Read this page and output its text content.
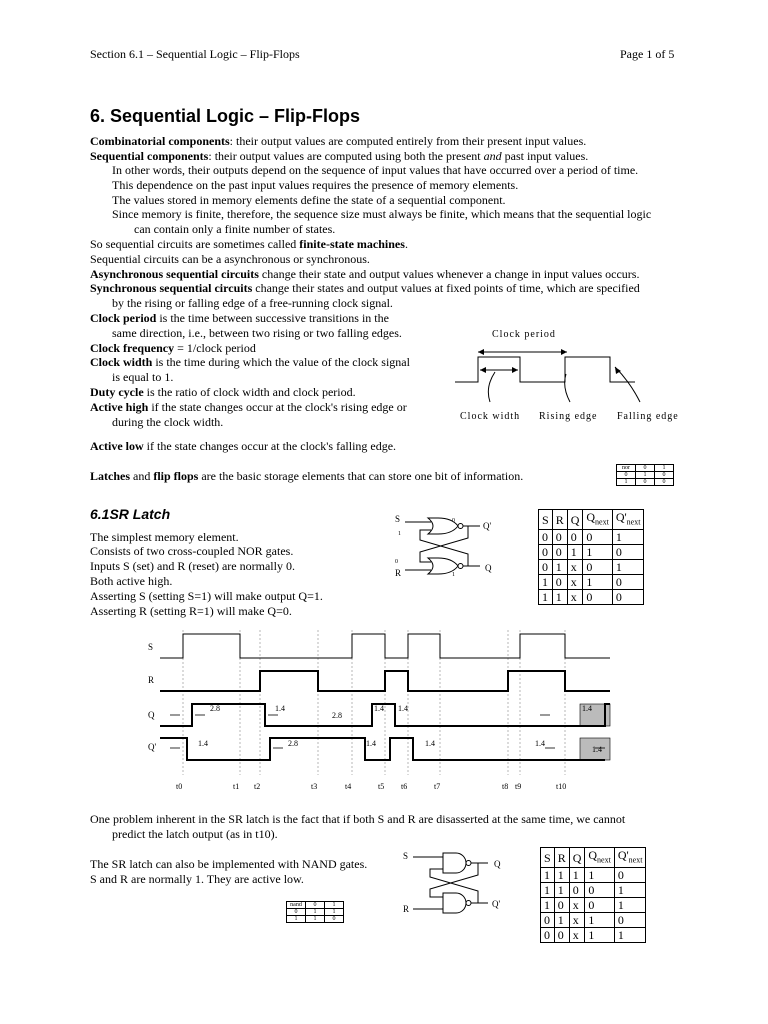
Section 6.1 – Sequential Logic – Flip-Flops	Page 1 of 5
6. Sequential Logic – Flip-Flops
Combinatorial components: their output values are computed entirely from their present input values.
Sequential components: their output values are computed using both the present and past input values.
In other words, their outputs depend on the sequence of input values that have occurred over a period of time.
This dependence on the past input values requires the presence of memory elements.
The values stored in memory elements define the state of a sequential component.
Since memory is finite, therefore, the sequence size must always be finite, which means that the sequential logic
can contain only a finite number of states.
So sequential circuits are sometimes called finite-state machines.
Sequential circuits can be a asynchronous or synchronous.
Asynchronous sequential circuits change their state and output values whenever a change in input values occurs.
Synchronous sequential circuits change their states and output values at fixed points of time, which are specified
by the rising or falling edge of a free-running clock signal.
Clock period is the time between successive transitions in the
same direction, i.e., between two rising or two falling edges.
Clock frequency = 1/clock period
Clock width is the time during which the value of the clock signal
is equal to 1.
Duty cycle is the ratio of clock width and clock period.
Active high if the state changes occur at the clock's rising edge or
during the clock width.
Active low if the state changes occur at the clock's falling edge.
Latches and flip flops are the basic storage elements that can store one bit of information.
Clock period
Clock width Rising edge Falling edge
nor	0	1
0	1	0
1	0	0
6.1SR Latch
The simplest memory element.
Consists of two cross-coupled NOR gates.
Inputs S (set) and R (reset) are normally 0.
Both active high.
Asserting S (setting S=1) will make output Q=1.
Asserting R (setting R=1) will make Q=0.
S
1
0
0
R	1
Q'
Q
S	R	Q	$Q_{next}$	$Q'_{next}$
0	0	0	0	1
0	0	1	1	0
0	1	x	0	1
1	0	x	1	0
1	1	x	0	0
S
R
Q
Q'
2.8	1.4
2.8
1.4	1.4
1.4	2.8	1.4	1.4	1.4
1.4
1.4
t0	t1 t2	t3	t4	t5 t6	t7	t8 t9	t10
One problem inherent in the SR latch is the fact that if both S and R are disasserted at the same time, we cannot
predict the latch output (as in t10).
The SR latch can also be implemented with NAND gates.
S and R are normally 1. They are active low.
S
R
Q
Q'
nand	0	1
0	1	1
1	1	0
S	R	Q	$Q_{next}$	$Q'_{next}$
1	1	1	1	0
1	1	0	0	1
1	0	x	0	1
0	1	x	1	0
0	0	x	1	1
